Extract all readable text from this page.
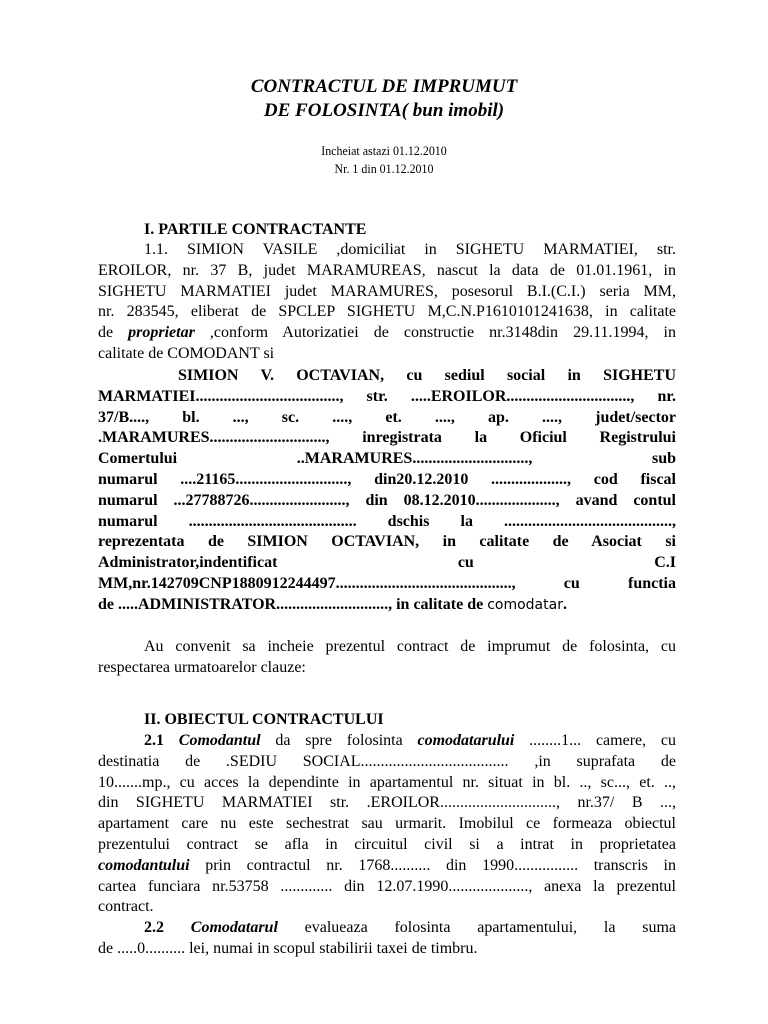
CONTRACTUL DE IMPRUMUT
DE FOLOSINTA( bun imobil)
Incheiat astazi 01.12.2010
Nr. 1 din 01.12.2010
I. PARTILE CONTRACTANTE
1.1. SIMION VASILE ,domiciliat in SIGHETU MARMATIEI, str.
EROILOR, nr. 37 B, judet MARAMUREAS, nascut la data de 01.01.1961, in
SIGHETU MARMATIEI judet MARAMURES, posesorul B.I.(C.I.) seria MM,
nr. 283545, eliberat de SPCLEP SIGHETU M,C.N.P1610101241638, in calitate
de proprietar ,conform Autorizatiei de constructie nr.3148din 29.11.1994, in
calitate de COMODANT si
SIMION V. OCTAVIAN, cu sediul social in SIGHETU
MARMATIEI...................................., str. .....EROILOR..............................., nr.
37/B...., bl. ..., sc. ...., et. ...., ap. ...., judet/sector
.MARAMURES............................., inregistrata la Oficiul Registrului
Comertului ..MARAMURES............................., sub
numarul ....21165............................, din20.12.2010 ..................., cod fiscal
numarul ...27788726........................, din 08.12.2010...................., avand contul
numarul .......................................... dschis la ..........................................,
reprezentata de SIMION OCTAVIAN, in calitate de Asociat si
Administrator,indentificat cu C.I
MM,nr.142709CNP1880912244497............................................, cu functia
de .....ADMINISTRATOR............................, in calitate de comodatar.
Au convenit sa incheie prezentul contract de imprumut de folosinta, cu
respectarea urmatoarelor clauze:
II. OBIECTUL CONTRACTULUI
2.1 Comodantul da spre folosinta comodatarului ........1... camere, cu
destinatia de .SEDIU SOCIAL..................................... ,in suprafata de
10.......mp., cu acces la dependinte in apartamentul nr. situat in bl. .., sc..., et. ..,
din SIGHETU MARMATIEI str. .EROILOR............................., nr.37/ B ...,
apartament care nu este sechestrat sau urmarit. Imobilul ce formeaza obiectul
prezentului contract se afla in circuitul civil si a intrat in proprietatea
comodantului prin contractul nr. 1768.......... din 1990................ transcris in
cartea funciara nr.53758 ............. din 12.07.1990...................., anexa la prezentul
contract.
2.2 Comodatarul evalueaza folosinta apartamentului, la suma
de .....0.......... lei, numai in scopul stabilirii taxei de timbru.
